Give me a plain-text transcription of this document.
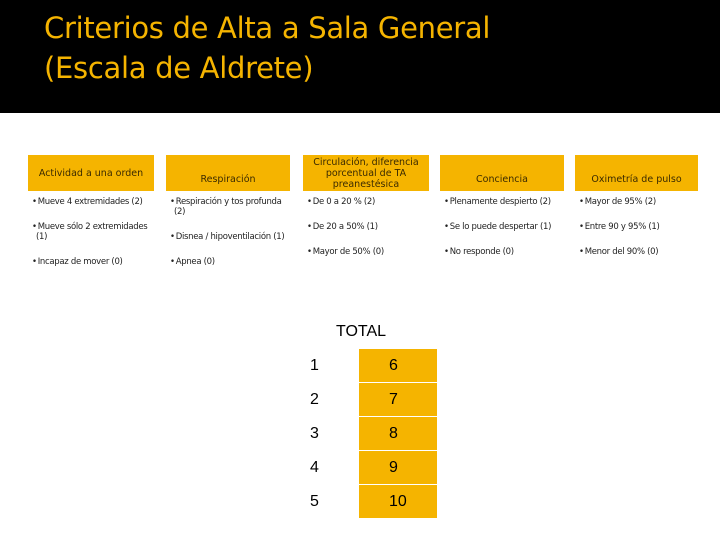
Criterios de Alta a Sala General
(Escala de Aldrete)
Actividad a una orden
• Mueve 4 extremidades (2)
• Mueve sólo 2 extremidades (1)
• Incapaz de mover (0)
Respiración
• Respiración y tos profunda (2)
• Disnea / hipoventilación (1)
• Apnea (0)
Circulación, diferencia porcentual de TA preanestésica
• De 0 a 20 % (2)
• De 20 a 50% (1)
• Mayor de 50% (0)
Conciencia
• Plenamente despierto (2)
• Se lo puede despertar (1)
• No responde (0)
Oximetría de pulso
• Mayor de 95% (2)
• Entre 90 y 95% (1)
• Menor del 90% (0)
TOTAL
1	6
2	7
3	8
4	9
5	10
